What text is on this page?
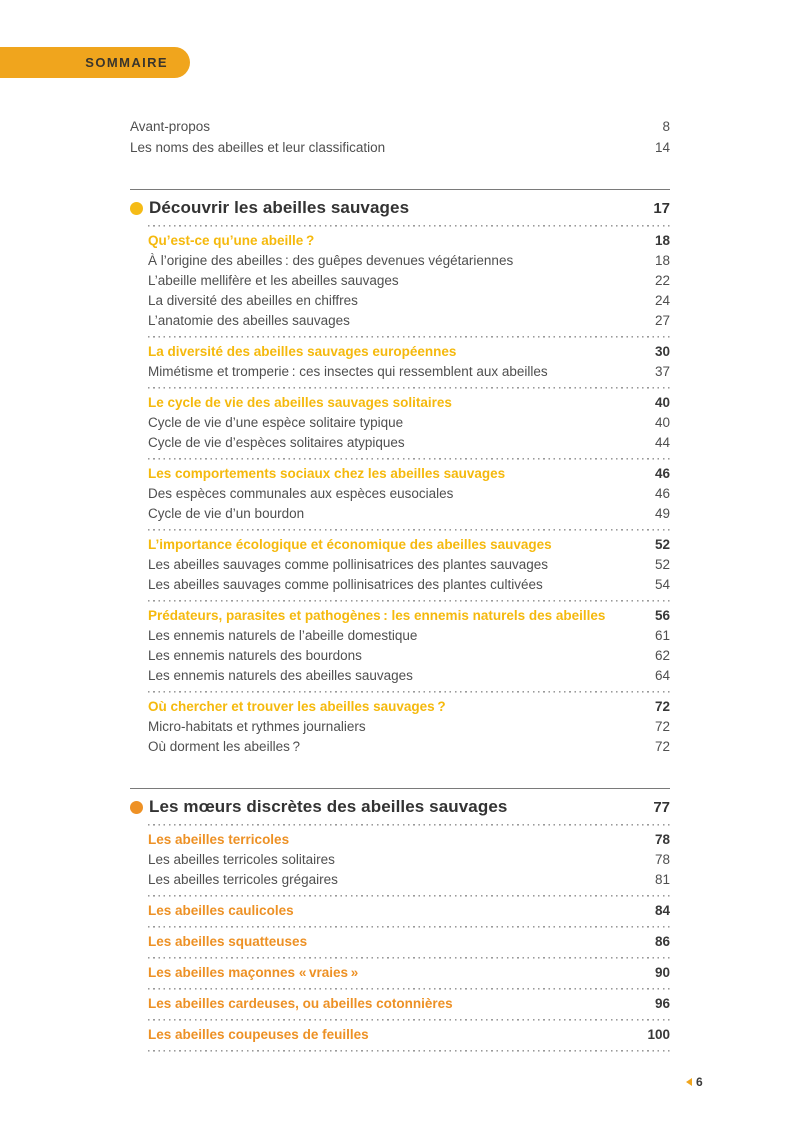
SOMMAIRE
Avant-propos	8
Les noms des abeilles et leur classification	14
Découvrir les abeilles sauvages	17
Qu’est-ce qu’une abeille ?	18
À l’origine des abeilles : des guêpes devenues végétariennes	18
L’abeille mellifère et les abeilles sauvages	22
La diversité des abeilles en chiffres	24
L’anatomie des abeilles sauvages	27
La diversité des abeilles sauvages européennes	30
Mimétisme et tromperie : ces insectes qui ressemblent aux abeilles	37
Le cycle de vie des abeilles sauvages solitaires	40
Cycle de vie d’une espèce solitaire typique	40
Cycle de vie d’espèces solitaires atypiques	44
Les comportements sociaux chez les abeilles sauvages	46
Des espèces communales aux espèces eusociales	46
Cycle de vie d’un bourdon	49
L’importance écologique et économique des abeilles sauvages	52
Les abeilles sauvages comme pollinisatrices des plantes sauvages	52
Les abeilles sauvages comme pollinisatrices des plantes cultivées	54
Prédateurs, parasites et pathogènes : les ennemis naturels des abeilles	56
Les ennemis naturels de l’abeille domestique	61
Les ennemis naturels des bourdons	62
Les ennemis naturels des abeilles sauvages	64
Où chercher et trouver les abeilles sauvages ?	72
Micro-habitats et rythmes journaliers	72
Où dorment les abeilles ?	72
Les mœurs discrètes des abeilles sauvages	77
Les abeilles terricoles	78
Les abeilles terricoles solitaires	78
Les abeilles terricoles grégaires	81
Les abeilles caulicoles	84
Les abeilles squatteuses	86
Les abeilles maçonnes « vraies »	90
Les abeilles cardeuses, ou abeilles cotonnières	96
Les abeilles coupeuses de feuilles	100
6
